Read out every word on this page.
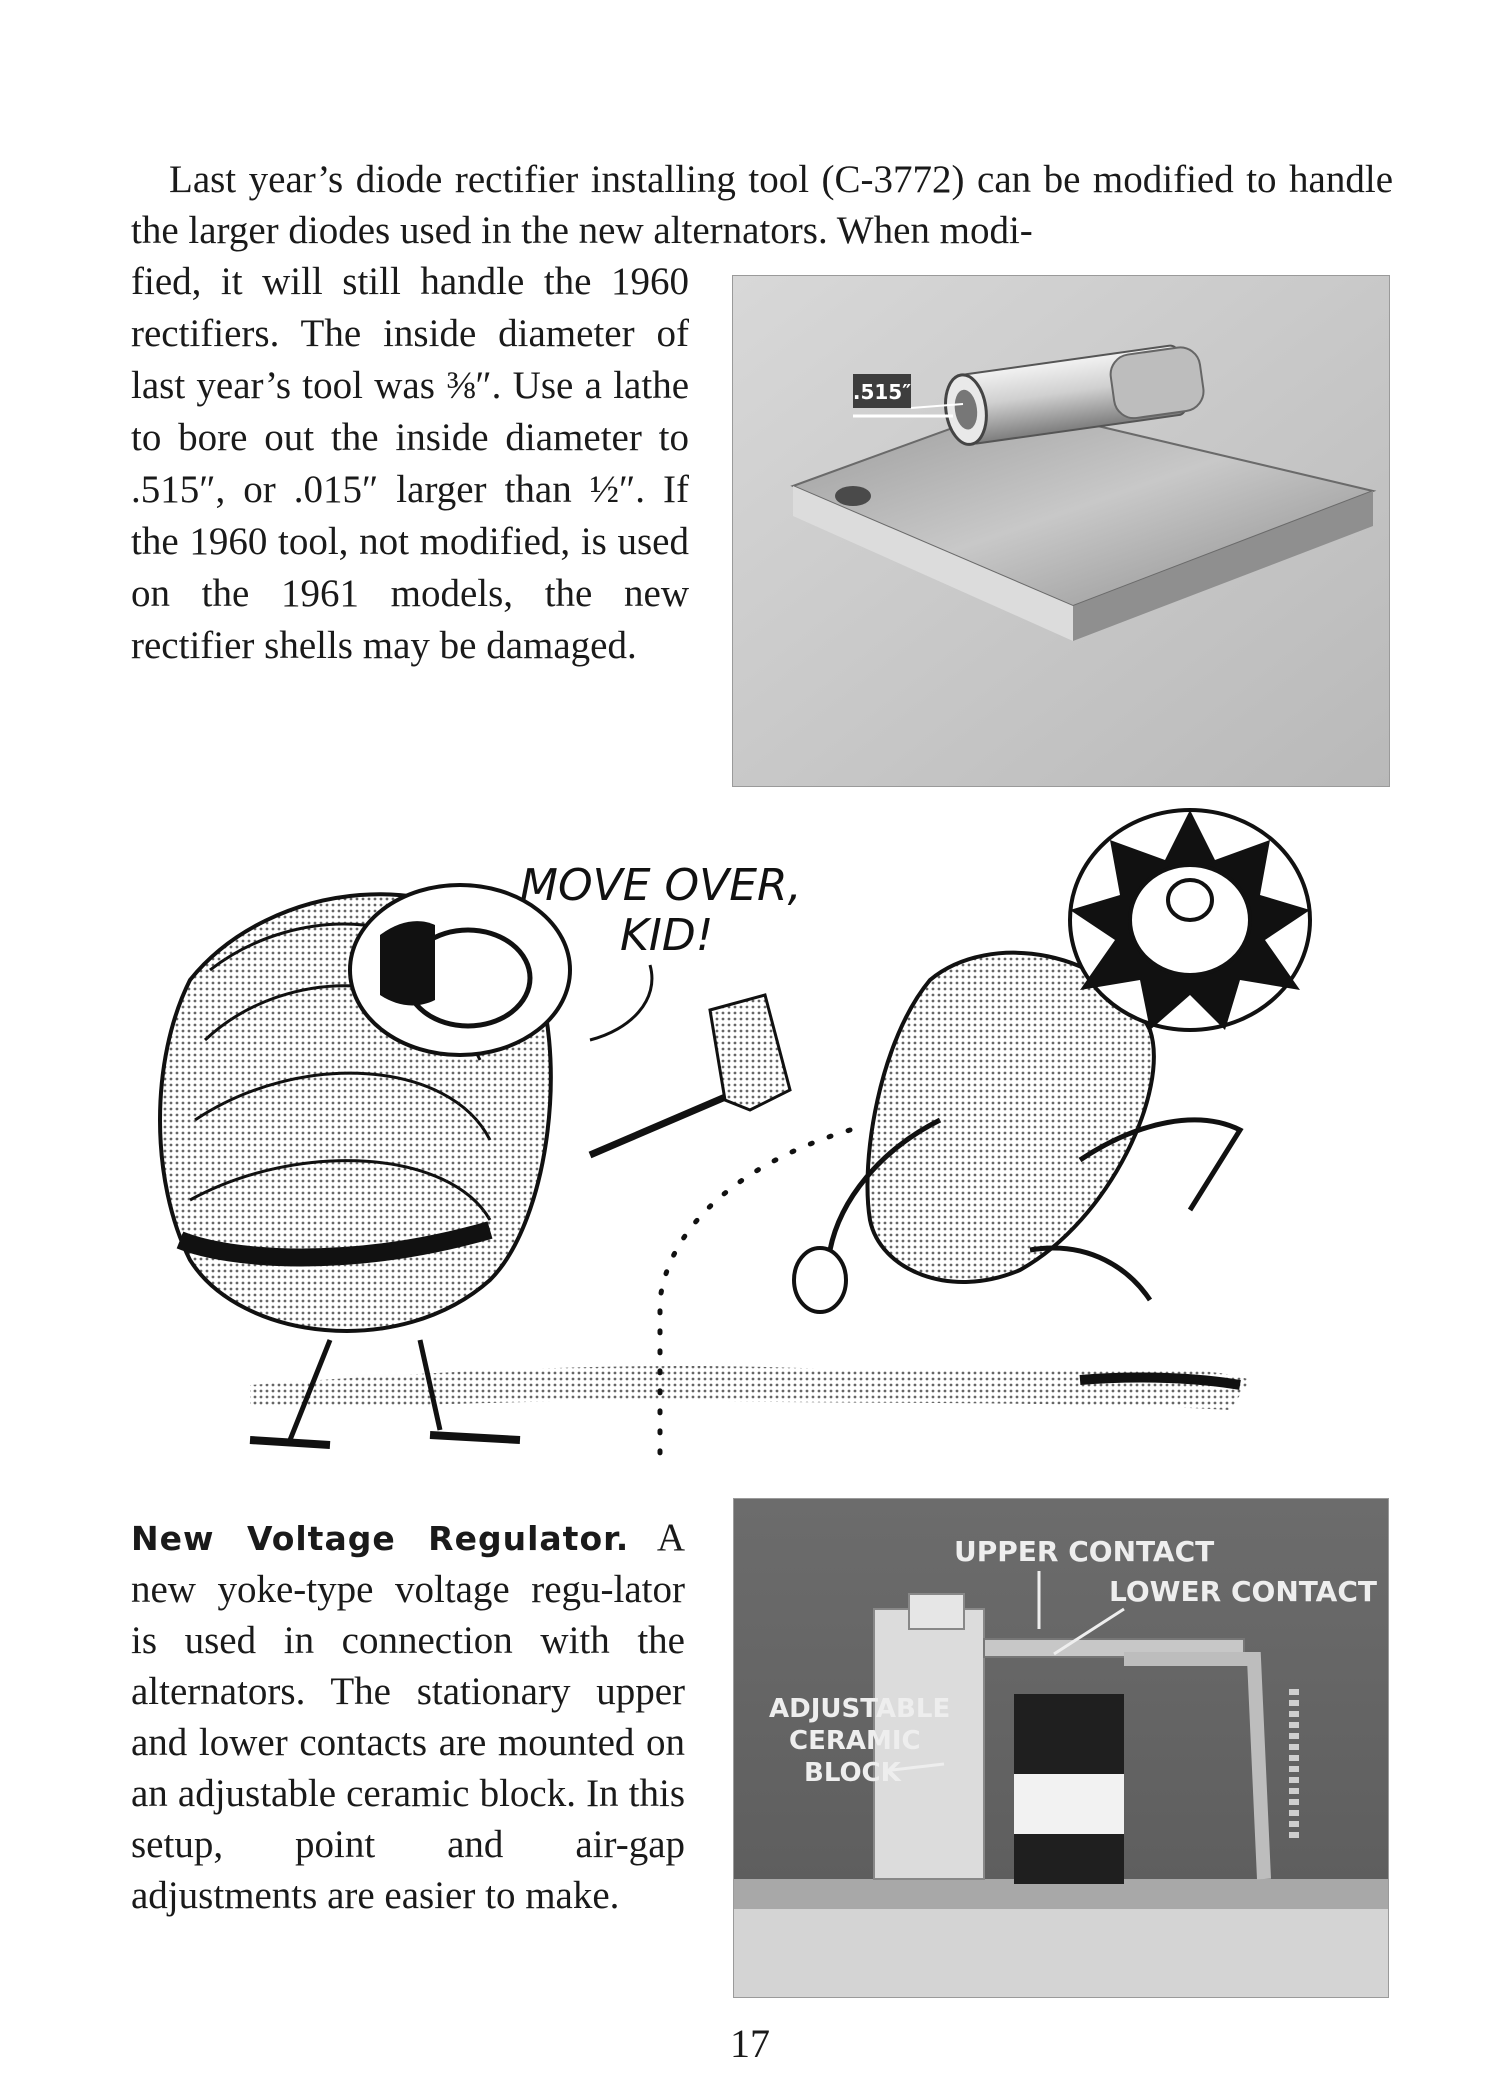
Last year’s diode rectifier installing tool (C-3772) can be modified to handle the larger diodes used in the new alternators. When modi-

fied, it will still handle the 1960 rectifiers. The inside diameter of last year’s tool was ⅜″. Use a lathe to bore out the inside diameter to .515″, or .015″ larger than ½″. If the 1960 tool, not modified, is used on the 1961 models, the new rectifier shells may be damaged.

.515″
MOVE OVER,
KID!

New Voltage Regulator. A new yoke-type voltage regu-lator is used in connection with the alternators. The stationary upper and lower contacts are mounted on an adjustable ceramic block. In this setup, point and air-gap adjustments are easier to make.

UPPER CONTACT
LOWER CONTACT
ADJUSTABLE
CERAMIC
BLOCK
17
